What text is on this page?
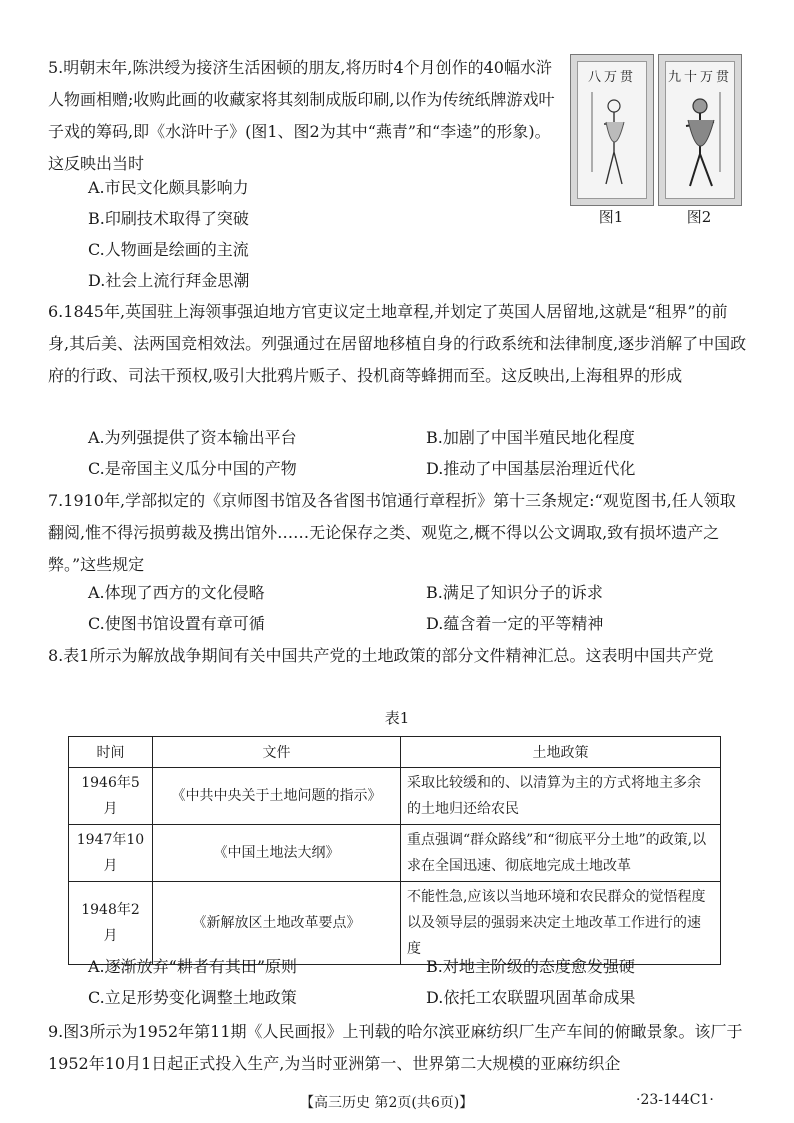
5.明朝末年,陈洪绶为接济生活困顿的朋友,将历时4个月创作的40幅水浒人物画相赠;收购此画的收藏家将其刻制成版印刷,以作为传统纸牌游戏叶子戏的筹码,即《水浒叶子》(图1、图2为其中“燕青”和“李逵”的形象)。这反映出当时
A.市民文化颇具影响力
B.印刷技术取得了突破
C.人物画是绘画的主流
D.社会上流行拜金思潮
八万贯
图1
九十万贯
图2
6.1845年,英国驻上海领事强迫地方官吏议定土地章程,并划定了英国人居留地,这就是“租界”的前身,其后美、法两国竞相效法。列强通过在居留地移植自身的行政系统和法律制度,逐步消解了中国政府的行政、司法干预权,吸引大批鸦片贩子、投机商等蜂拥而至。这反映出,上海租界的形成
A.为列强提供了资本输出平台	B.加剧了中国半殖民地化程度
C.是帝国主义瓜分中国的产物	D.推动了中国基层治理近代化
7.1910年,学部拟定的《京师图书馆及各省图书馆通行章程折》第十三条规定:“观览图书,任人领取翻阅,惟不得污损剪裁及携出馆外……无论保存之类、观览之,概不得以公文调取,致有损坏遗产之弊。”这些规定
A.体现了西方的文化侵略	B.满足了知识分子的诉求
C.使图书馆设置有章可循	D.蕴含着一定的平等精神
8.表1所示为解放战争期间有关中国共产党的土地政策的部分文件精神汇总。这表明中国共产党
表1
时间	文件	土地政策
1946年5月	《中共中央关于土地问题的指示》	采取比较缓和的、以清算为主的方式将地主多余的土地归还给农民
1947年10月	《中国土地法大纲》	重点强调“群众路线”和“彻底平分土地”的政策,以求在全国迅速、彻底地完成土地改革
1948年2月	《新解放区土地改革要点》	不能性急,应该以当地环境和农民群众的觉悟程度以及领导层的强弱来决定土地改革工作进行的速度
A.逐渐放弃“耕者有其田”原则	B.对地主阶级的态度愈发强硬
C.立足形势变化调整土地政策	D.依托工农联盟巩固革命成果
9.图3所示为1952年第11期《人民画报》上刊载的哈尔滨亚麻纺织厂生产车间的俯瞰景象。该厂于1952年10月1日起正式投入生产,为当时亚洲第一、世界第二大规模的亚麻纺织企
【高三历史 第2页(共6页)】	·23-144C1·
